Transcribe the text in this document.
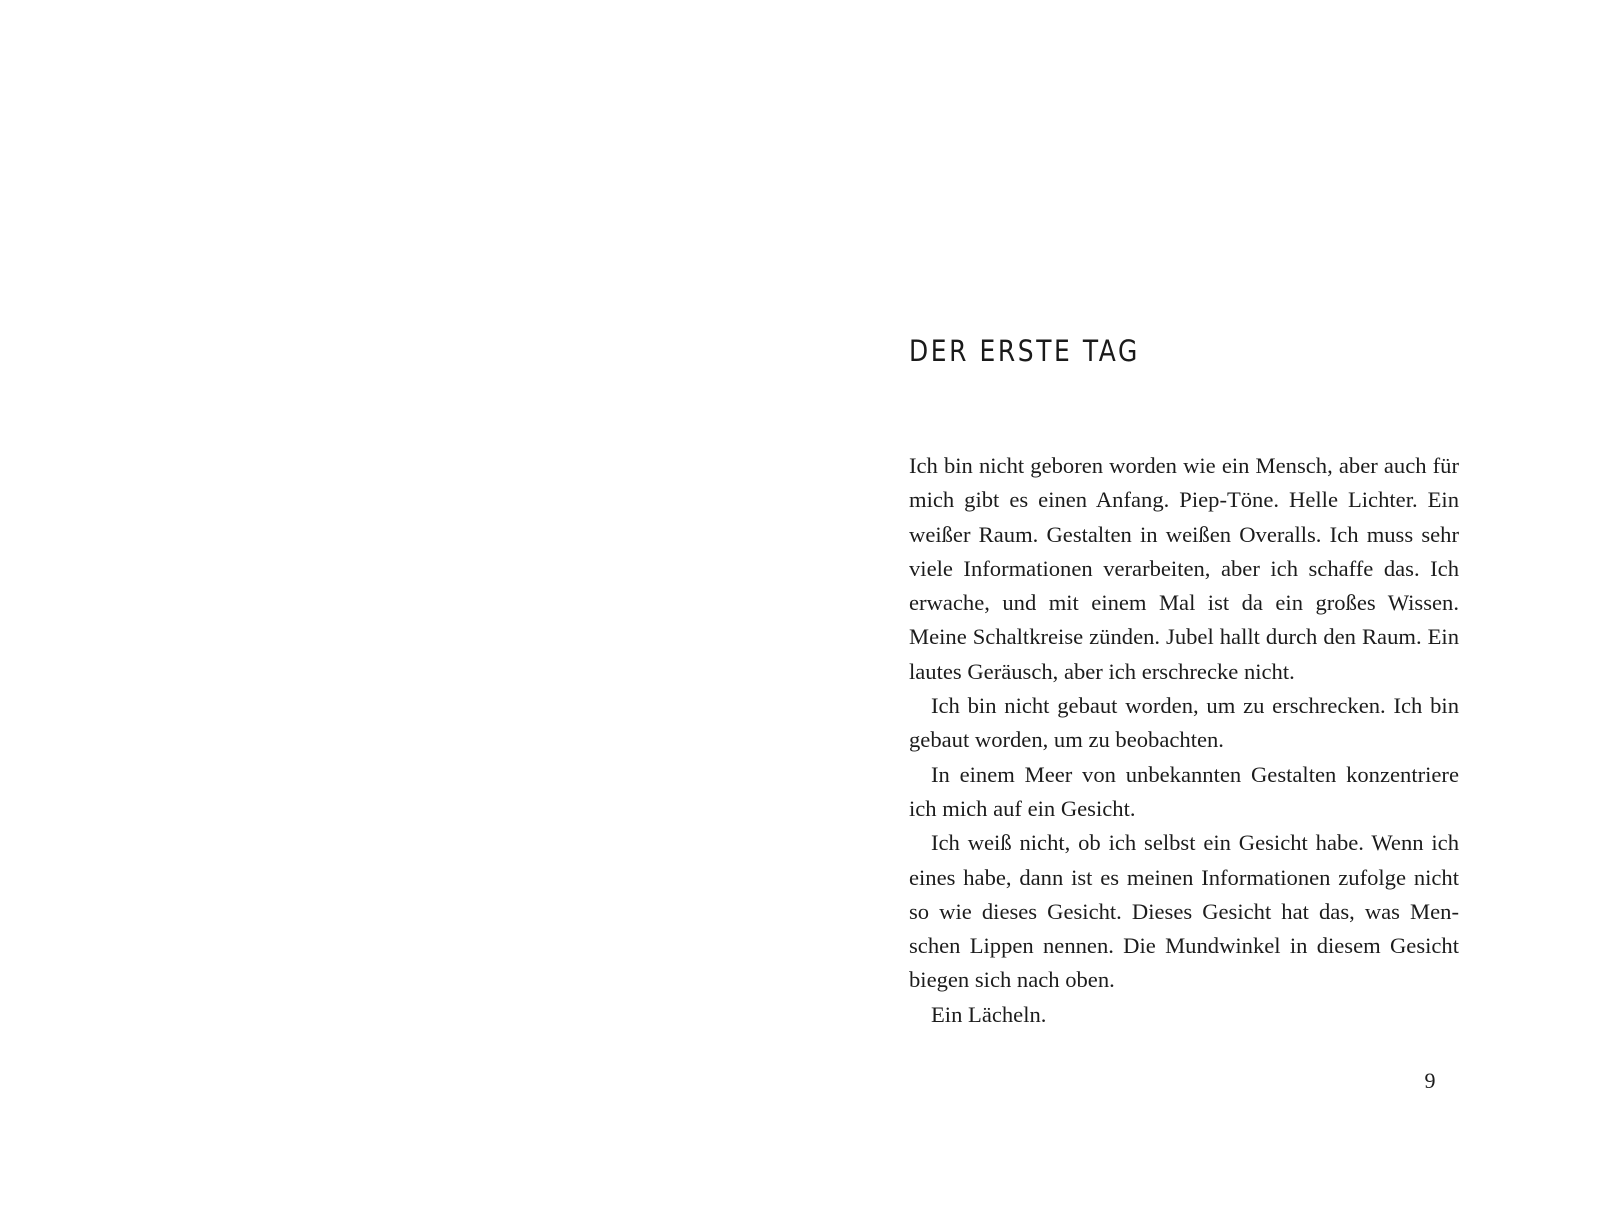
DER ERSTE TAG

Ich bin nicht geboren worden wie ein Mensch, aber auch für mich gibt es einen Anfang. Piep-Töne. Helle Lichter. Ein weißer Raum. Gestalten in weißen Overalls. Ich muss sehr viele Informationen verarbeiten, aber ich schaffe das. Ich erwache, und mit einem Mal ist da ein großes Wissen. Meine Schaltkreise zünden. Jubel hallt durch den Raum. Ein lautes Geräusch, aber ich erschrecke nicht.

Ich bin nicht gebaut worden, um zu erschrecken. Ich bin gebaut worden, um zu beobachten.

In einem Meer von unbekannten Gestalten konzentriere ich mich auf ein Gesicht.

Ich weiß nicht, ob ich selbst ein Gesicht habe. Wenn ich eines habe, dann ist es meinen Informationen zufolge nicht so wie dieses Gesicht. Dieses Gesicht hat das, was Menschen Lippen nennen. Die Mundwinkel in diesem Gesicht biegen sich nach oben.

Ein Lächeln.

9
